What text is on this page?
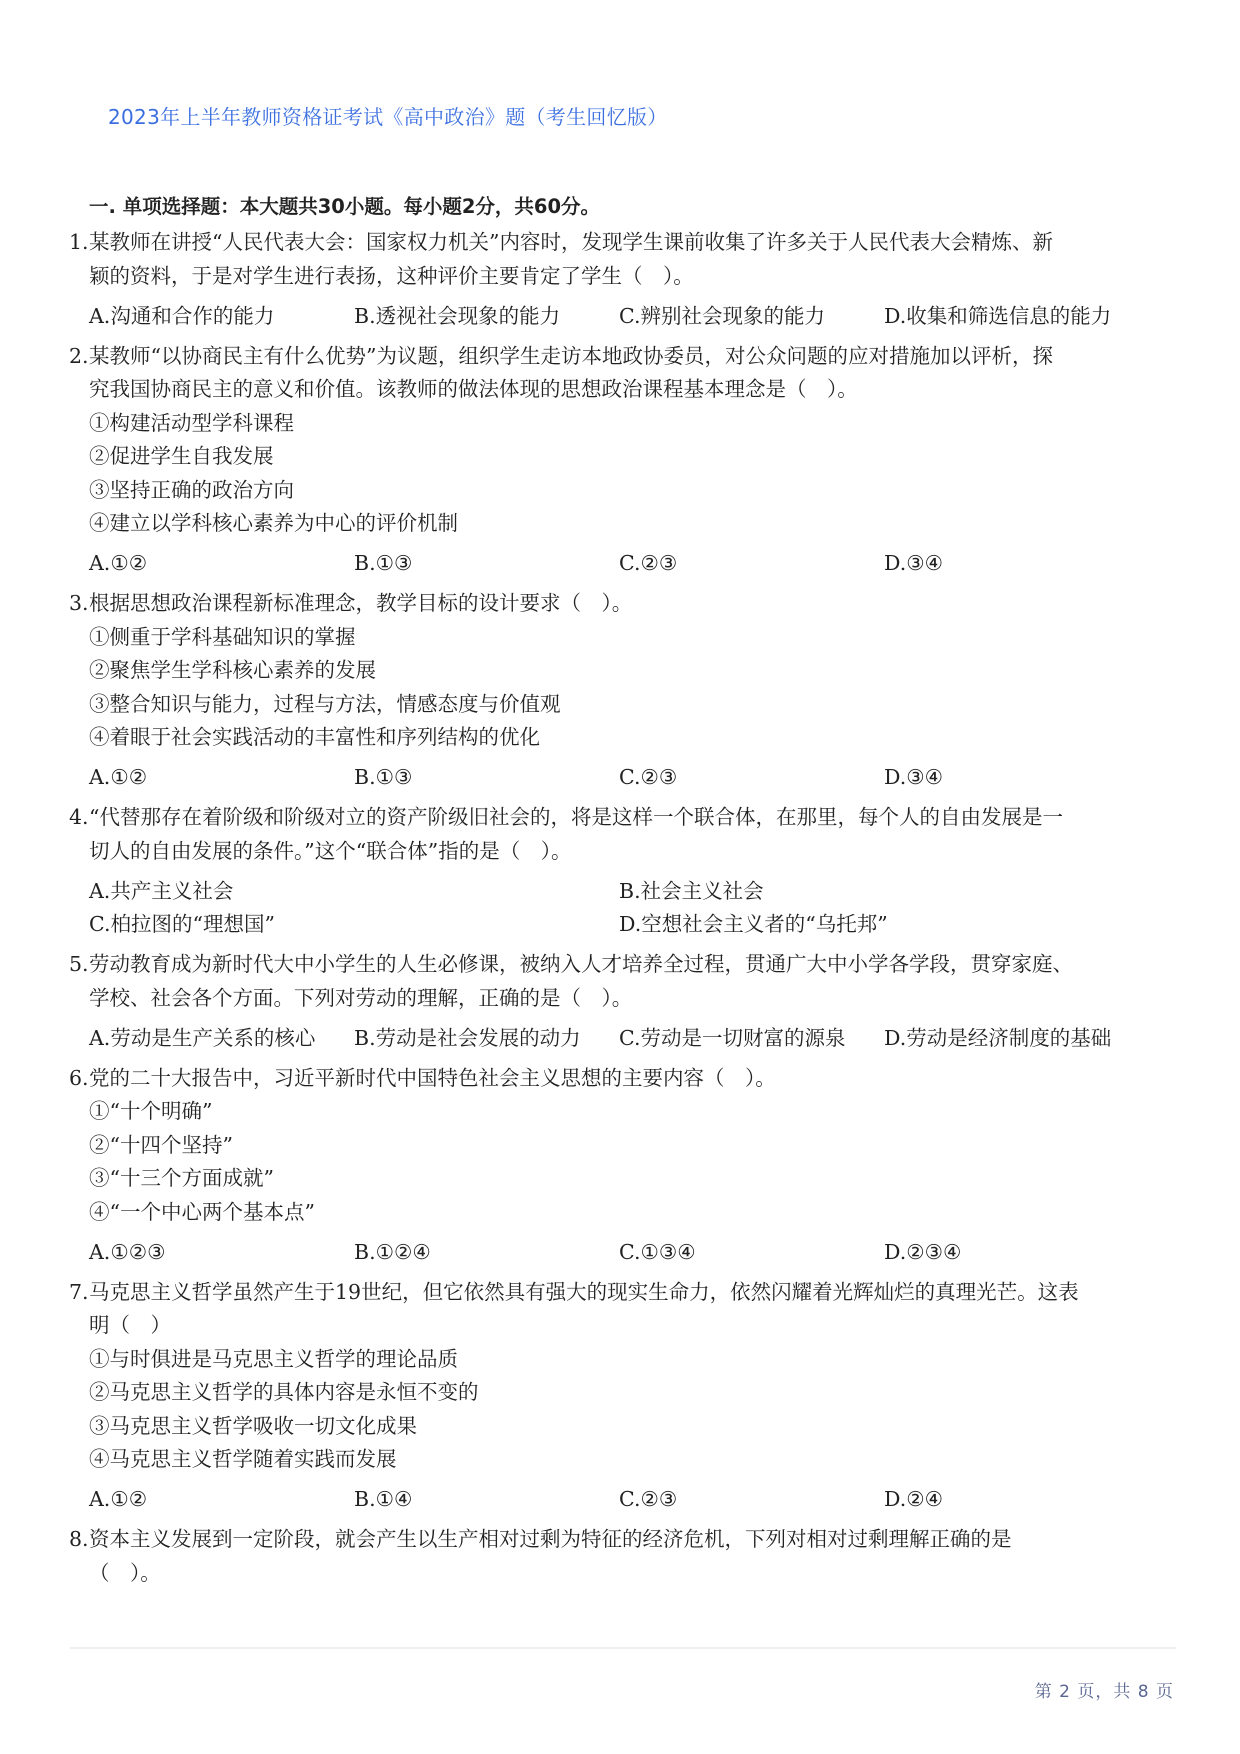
2023年上半年教师资格证考试《高中政治》题（考生回忆版）
一. 单项选择题：本大题共30小题。每小题2分，共60分。
1. 某教师在讲授“人民代表大会：国家权力机关”内容时，发现学生课前收集了许多关于人民代表大会精炼、新
颖的资料，于是对学生进行表扬，这种评价主要肯定了学生（　）。
A.沟通和合作的能力	B.透视社会现象的能力	C.辨别社会现象的能力	D.收集和筛选信息的能力
2. 某教师“以协商民主有什么优势”为议题，组织学生走访本地政协委员，对公众问题的应对措施加以评析，探
究我国协商民主的意义和价值。该教师的做法体现的思想政治课程基本理念是（　）。
①构建活动型学科课程
②促进学生自我发展
③坚持正确的政治方向
④建立以学科核心素养为中心的评价机制
A.①②	B.①③	C.②③	D.③④
3. 根据思想政治课程新标准理念，教学目标的设计要求（　）。
①侧重于学科基础知识的掌握
②聚焦学生学科核心素养的发展
③整合知识与能力，过程与方法，情感态度与价值观
④着眼于社会实践活动的丰富性和序列结构的优化
A.①②	B.①③	C.②③	D.③④
4. “代替那存在着阶级和阶级对立的资产阶级旧社会的，将是这样一个联合体，在那里，每个人的自由发展是一
切人的自由发展的条件。”这个“联合体”指的是（　）。
A.共产主义社会	B.社会主义社会
C.柏拉图的“理想国”	D.空想社会主义者的“乌托邦”
5. 劳动教育成为新时代大中小学生的人生必修课，被纳入人才培养全过程，贯通广大中小学各学段，贯穿家庭、
学校、社会各个方面。下列对劳动的理解，正确的是（　）。
A.劳动是生产关系的核心	B.劳动是社会发展的动力	C.劳动是一切财富的源泉	D.劳动是经济制度的基础
6. 党的二十大报告中，习近平新时代中国特色社会主义思想的主要内容（　）。
①“十个明确”
②“十四个坚持”
③“十三个方面成就”
④“一个中心两个基本点”
A.①②③	B.①②④	C.①③④	D.②③④
7. 马克思主义哲学虽然产生于19世纪，但它依然具有强大的现实生命力，依然闪耀着光辉灿烂的真理光芒。这表
明（　）
①与时俱进是马克思主义哲学的理论品质
②马克思主义哲学的具体内容是永恒不变的
③马克思主义哲学吸收一切文化成果
④马克思主义哲学随着实践而发展
A.①②	B.①④	C.②③	D.②④
8. 资本主义发展到一定阶段，就会产生以生产相对过剩为特征的经济危机，下列对相对过剩理解正确的是
（　）。
第 2 页，共 8 页
